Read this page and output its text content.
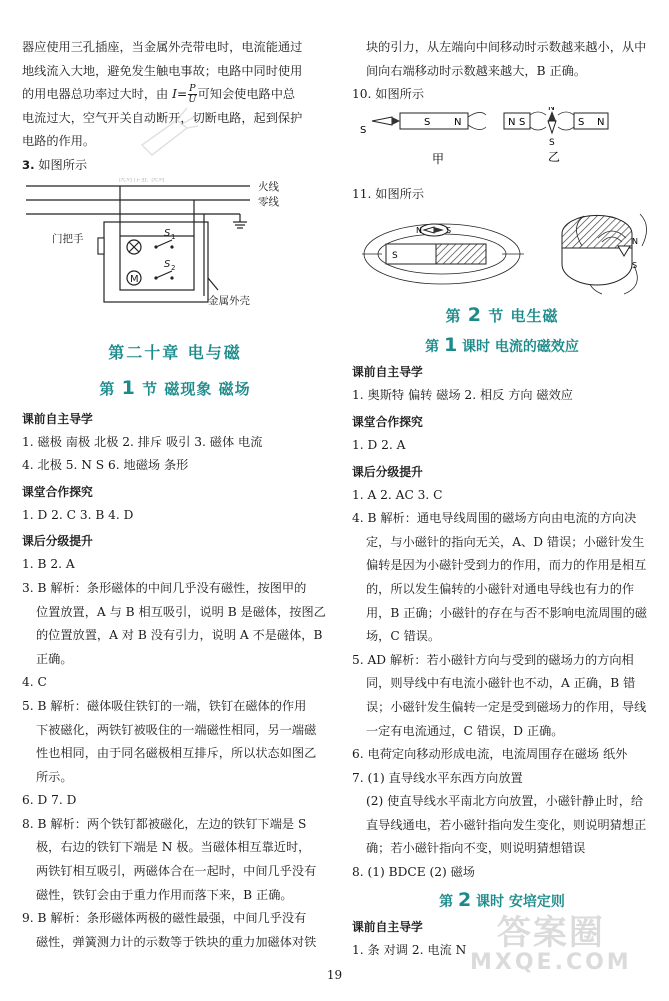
器应使用三孔插座，当金属外壳带电时，电流能通过
地线流入大地，避免发生触电事故；电路中同时使用
的用电器总功率过大时，由 $I= \frac{P}{U}$ 可知会使电路中总
电流过大，空气开关自动断开，切断电路，起到保护
电路的作用。
3. 如图所示
火线
零线
门把手	S 1
S 2
M
金属外壳
快对作业 快对
第二十章 电与磁
第 1 节 磁现象 磁场
课前自主导学
1. 磁极 南极 北极 2. 排斥 吸引 3. 磁体 电流
4. 北极 5. N S 6. 地磁场 条形
课堂合作探究
1. D 2. C 3. B 4. D
课后分级提升
1. B 2. A
3. B 解析：条形磁体的中间几乎没有磁性，按图甲的
位置放置，A 与 B 相互吸引，说明 B 是磁体，按图乙
的位置放置，A 对 B 没有引力，说明 A 不是磁体，B
正确。
4. C
5. B 解析：磁体吸住铁钉的一端，铁钉在磁体的作用
下被磁化，两铁钉被吸住的一端磁性相同，另一端磁
性也相同，由于同名磁极相互排斥，所以状态如图乙
所示。
6. D 7. D
8. B 解析：两个铁钉都被磁化，左边的铁钉下端是 S
极，右边的铁钉下端是 N 极。当磁体相互靠近时，
两铁钉相互吸引，两磁体合在一起时，中间几乎没有
磁性，铁钉会由于重力作用而落下来，B 正确。
9. B 解析：条形磁体两极的磁性最强，中间几乎没有
磁性，弹簧测力计的示数等于铁块的重力加磁体对铁
块的引力，从左端向中间移动时示数越来越小，从中
间向右端移动时示数越来越大，B 正确。
10. 如图所示
S
S N	N S	S N
N
S
甲	乙
11. 如图所示
S
N	S
N
S
第 2 节 电生磁
第 1 课时 电流的磁效应
课前自主导学
1. 奥斯特 偏转 磁场 2. 相反 方向 磁效应
课堂合作探究
1. D 2. A
课后分级提升
1. A 2. AC 3. C
4. B 解析：通电导线周围的磁场方向由电流的方向决
定，与小磁针的指向无关，A、D 错误；小磁针发生
偏转是因为小磁针受到力的作用，而力的作用是相互
的，所以发生偏转的小磁针对通电导线也有力的作
用，B 正确；小磁针的存在与否不影响电流周围的磁
场，C 错误。
5. AD 解析：若小磁针方向与受到的磁场力的方向相
同，则导线中有电流小磁针也不动，A 正确，B 错
误；小磁针发生偏转一定是受到磁场力的作用，导线
一定有电流通过，C 错误，D 正确。
6. 电荷定向移动形成电流，电流周围存在磁场 纸外
7. (1) 直导线水平东西方向放置
(2) 使直导线水平南北方向放置，小磁针静止时，给
直导线通电，若小磁针指向发生变化，则说明猜想正
确；若小磁针指向不变，则说明猜想错误
8. (1) BDCE (2) 磁场
第 2 课时 安培定则
课前自主导学
1. 条 对调 2. 电流 N 答案圈
MXQE.COM
19
